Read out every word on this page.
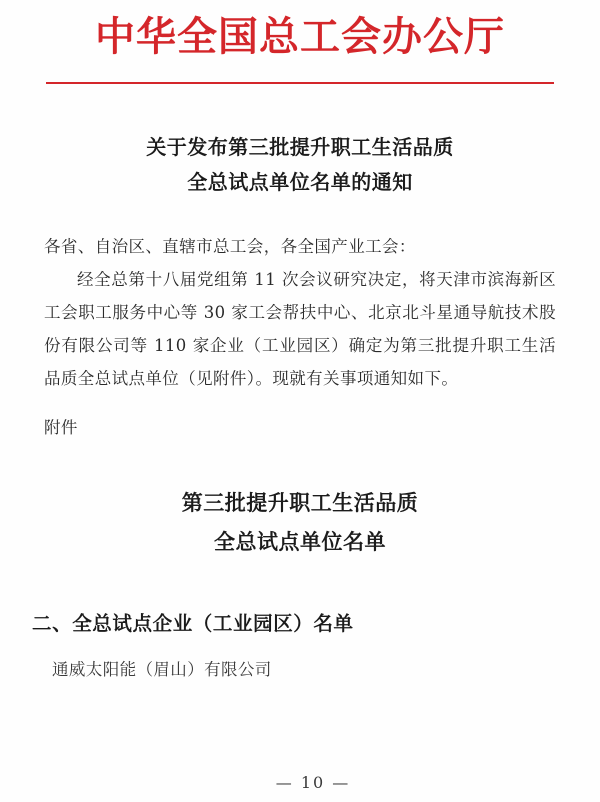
中华全国总工会办公厅
关于发布第三批提升职工生活品质
全总试点单位名单的通知
各省、自治区、直辖市总工会，各全国产业工会：
经全总第十八届党组第 11 次会议研究决定，将天津市滨海新区工会职工服务中心等 30 家工会帮扶中心、北京北斗星通导航技术股份有限公司等 110 家企业（工业园区）确定为第三批提升职工生活品质全总试点单位（见附件）。现就有关事项通知如下。
附件
第三批提升职工生活品质
全总试点单位名单
二、全总试点企业（工业园区）名单
通威太阳能（眉山）有限公司
— 10 —
